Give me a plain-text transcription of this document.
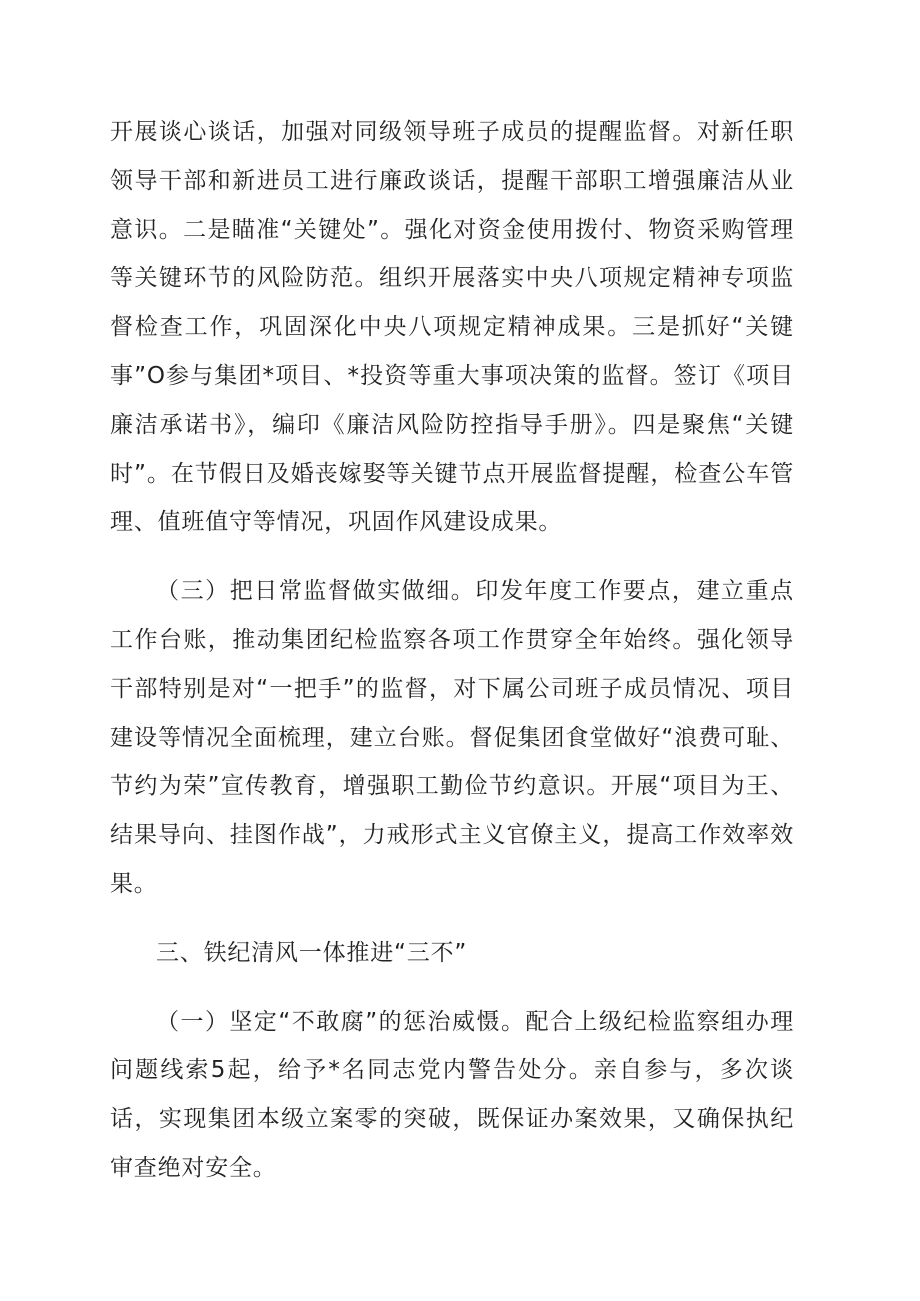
开展谈心谈话，加强对同级领导班子成员的提醒监督。对新任职领导干部和新进员工进行廉政谈话，提醒干部职工增强廉洁从业意识。二是瞄准“关键处”。强化对资金使用拨付、物资采购管理等关键环节的风险防范。组织开展落实中央八项规定精神专项监督检查工作，巩固深化中央八项规定精神成果。三是抓好“关键事”O参与集团*项目、*投资等重大事项决策的监督。签订《项目廉洁承诺书》，编印《廉洁风险防控指导手册》。四是聚焦“关键时”。在节假日及婚丧嫁娶等关键节点开展监督提醒，检查公车管理、值班值守等情况，巩固作风建设成果。

（三）把日常监督做实做细。印发年度工作要点，建立重点工作台账，推动集团纪检监察各项工作贯穿全年始终。强化领导干部特别是对“一把手”的监督，对下属公司班子成员情况、项目建设等情况全面梳理，建立台账。督促集团食堂做好“浪费可耻、节约为荣”宣传教育，增强职工勤俭节约意识。开展“项目为王、结果导向、挂图作战”，力戒形式主义官僚主义，提高工作效率效果。

三、铁纪清风一体推进“三不”

（一）坚定“不敢腐”的惩治威慑。配合上级纪检监察组办理问题线索5起，给予*名同志党内警告处分。亲自参与，多次谈话，实现集团本级立案零的突破，既保证办案效果，又确保执纪审查绝对安全。
